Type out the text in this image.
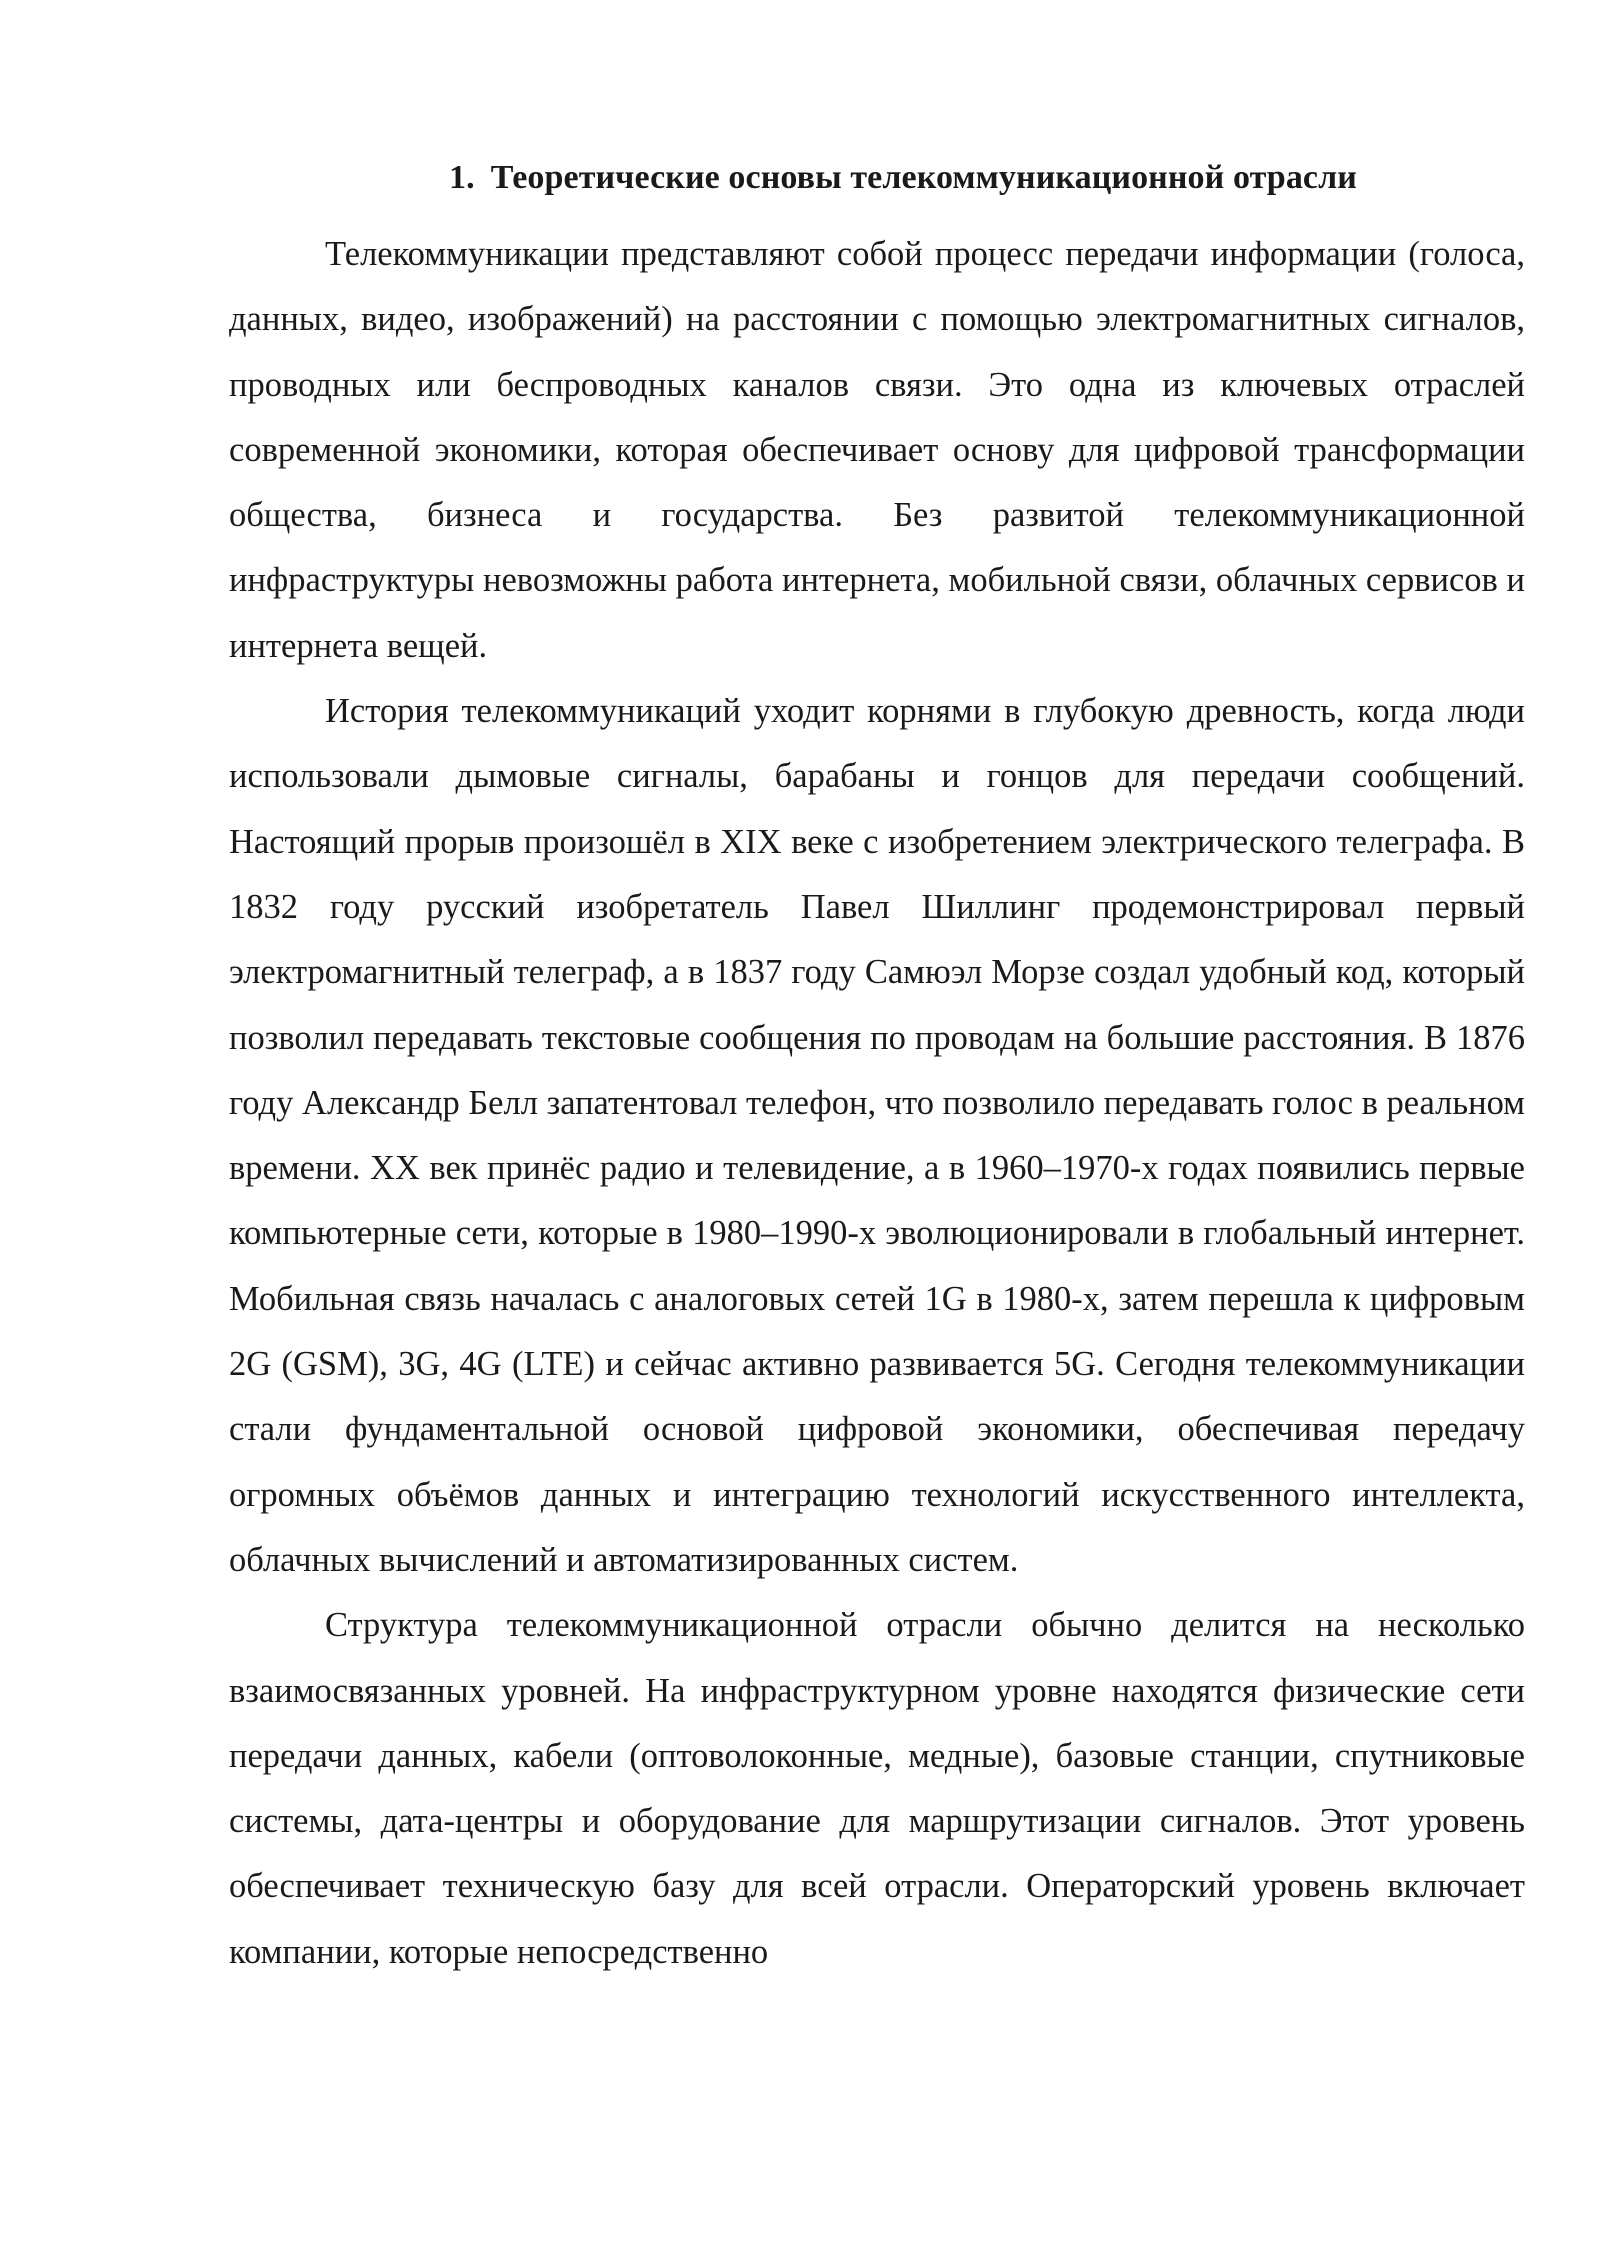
1. Теоретические основы телекоммуникационной отрасли

Телекоммуникации представляют собой процесс передачи информации (голоса, данных, видео, изображений) на расстоянии с помощью электромагнитных сигналов, проводных или беспроводных каналов связи. Это одна из ключевых отраслей современной экономики, которая обеспечивает основу для цифровой трансформации общества, бизнеса и государства. Без развитой телекоммуникационной инфраструктуры невозможны работа интернета, мобильной связи, облачных сервисов и интернета вещей.

История телекоммуникаций уходит корнями в глубокую древность, когда люди использовали дымовые сигналы, барабаны и гонцов для передачи сообщений. Настоящий прорыв произошёл в XIX веке с изобретением электрического телеграфа. В 1832 году русский изобретатель Павел Шиллинг продемонстрировал первый электромагнитный телеграф, а в 1837 году Самюэл Морзе создал удобный код, который позволил передавать текстовые сообщения по проводам на большие расстояния. В 1876 году Александр Белл запатентовал телефон, что позволило передавать голос в реальном времени. XX век принёс радио и телевидение, а в 1960–1970-х годах появились первые компьютерные сети, которые в 1980–1990-х эволюционировали в глобальный интернет. Мобильная связь началась с аналоговых сетей 1G в 1980-х, затем перешла к цифровым 2G (GSM), 3G, 4G (LTE) и сейчас активно развивается 5G. Сегодня телекоммуникации стали фундаментальной основой цифровой экономики, обеспечивая передачу огромных объёмов данных и интеграцию технологий искусственного интеллекта, облачных вычислений и автоматизированных систем.

Структура телекоммуникационной отрасли обычно делится на несколько взаимосвязанных уровней. На инфраструктурном уровне находятся физические сети передачи данных, кабели (оптоволоконные, медные), базовые станции, спутниковые системы, дата-центры и оборудование для маршрутизации сигналов. Этот уровень обеспечивает техническую базу для всей отрасли. Операторский уровень включает компании, которые непосредственно
